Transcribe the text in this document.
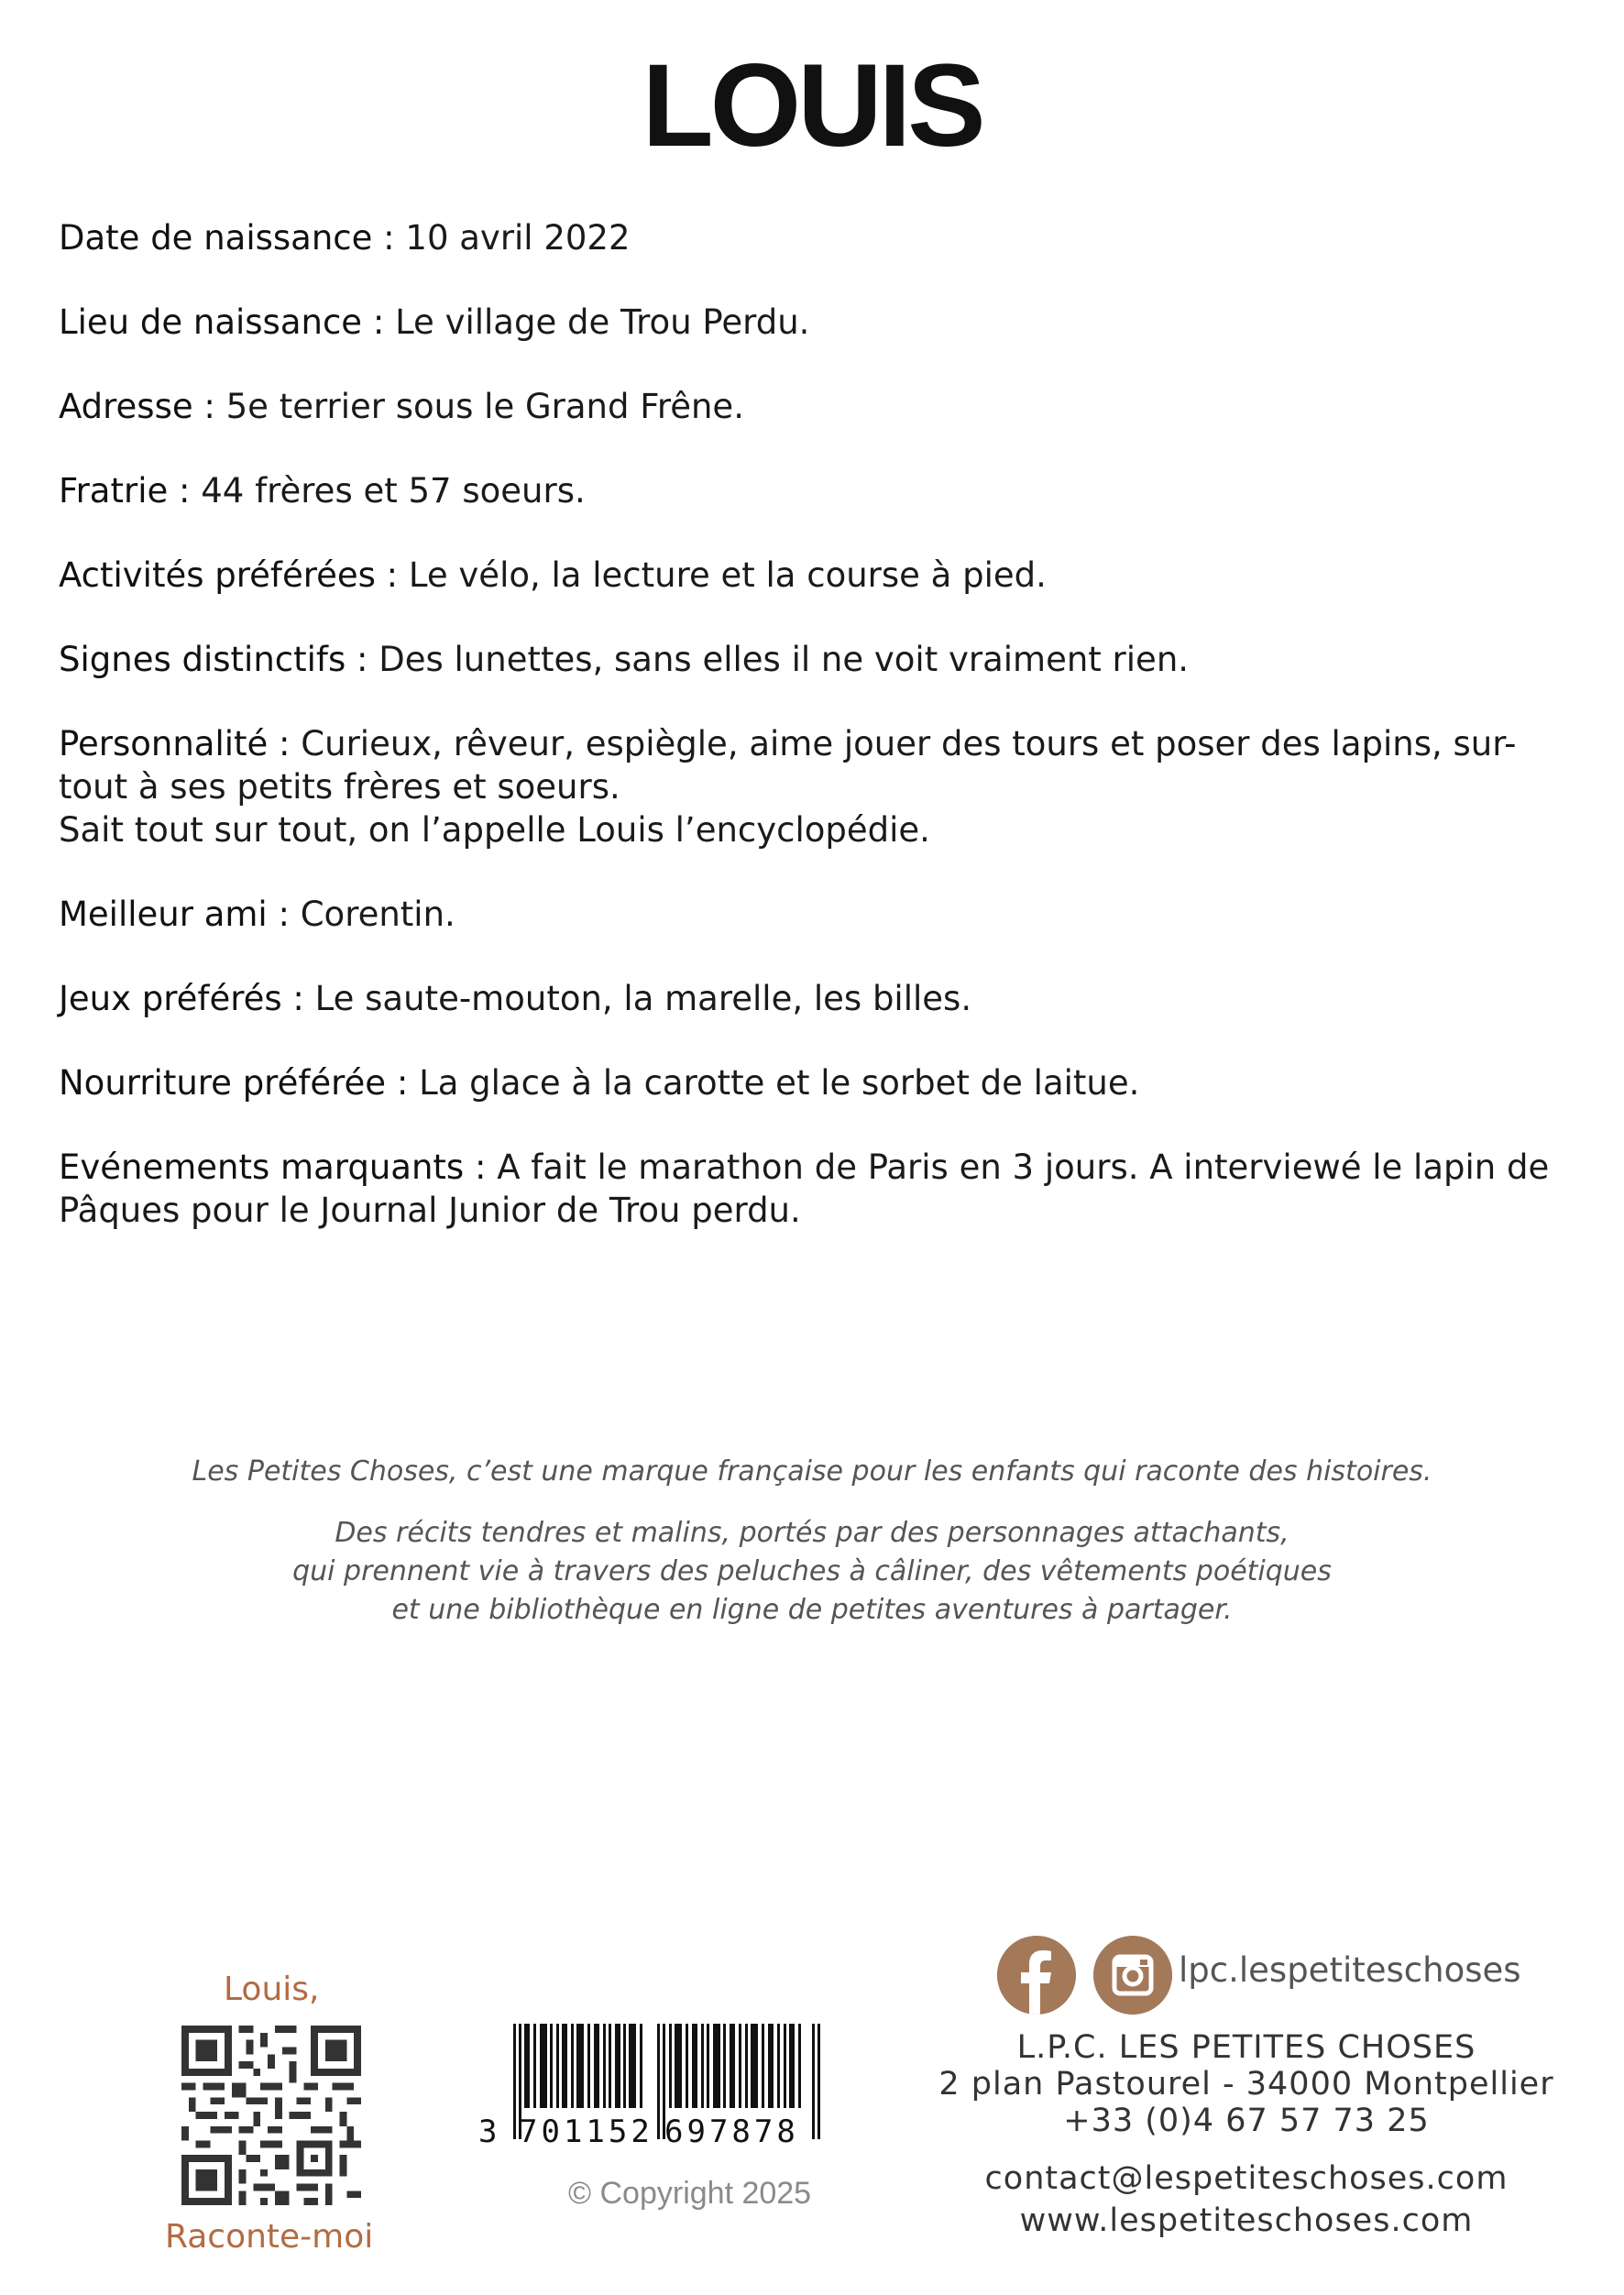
LOUIS
Date de naissance : 10 avril 2022
Lieu de naissance : Le village de Trou Perdu.
Adresse : 5e terrier sous le Grand Frêne.
Fratrie : 44 frères et 57 soeurs.
Activités préférées : Le vélo, la lecture et la course à pied.
Signes distinctifs : Des lunettes, sans elles il ne voit vraiment rien.
Personnalité : Curieux, rêveur, espiègle, aime jouer des tours et poser des lapins, sur-tout à ses petits frères et soeurs.
Sait tout sur tout, on l’appelle Louis l’encyclopédie.
Meilleur ami : Corentin.
Jeux préférés : Le saute-mouton, la marelle, les billes.
Nourriture préférée : La glace à la carotte et le sorbet de laitue.
Evénements marquants : A fait le marathon de Paris en 3 jours. A interviewé le lapin de Pâques pour le Journal Junior de Trou perdu.
Les Petites Choses, c’est une marque française pour les enfants qui raconte des histoires.
Des récits tendres et malins, portés par des personnages attachants,
qui prennent vie à travers des peluches à câliner, des vêtements poétiques
et une bibliothèque en ligne de petites aventures à partager.
Louis,
Raconte-moi
3 701152 697878
© Copyright 2025
lpc.lespetiteschoses
L.P.C. LES PETITES CHOSES
2 plan Pastourel - 34000 Montpellier
+33 (0)4 67 57 73 25
contact@lespetiteschoses.com
www.lespetiteschoses.com
